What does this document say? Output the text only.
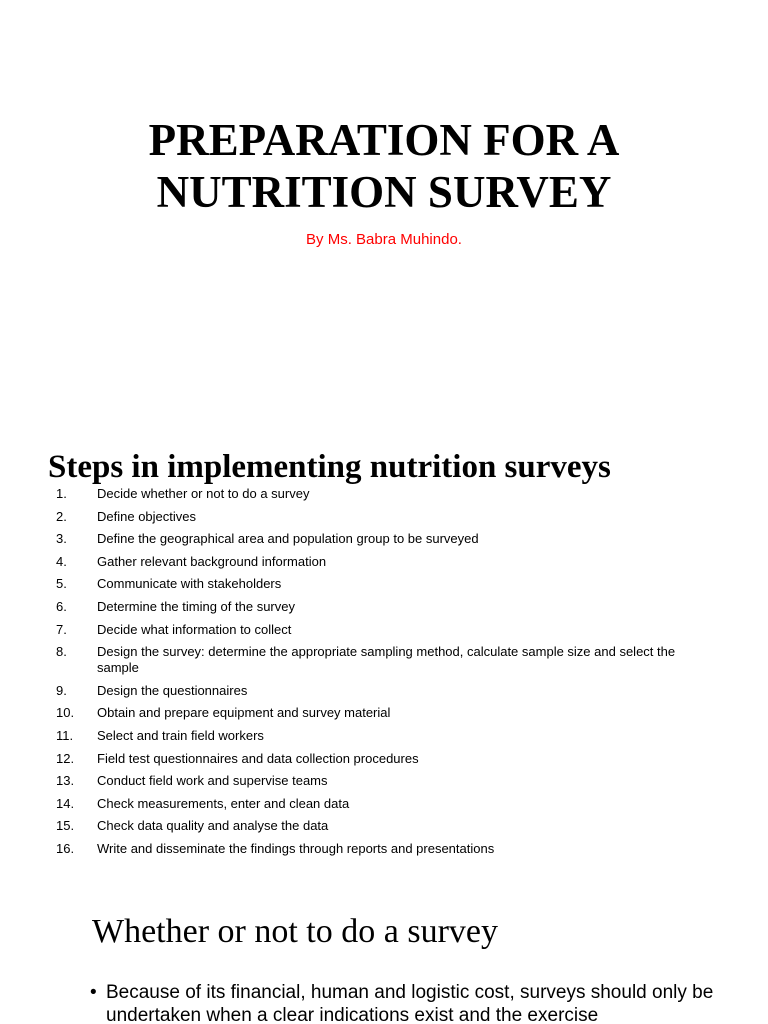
PREPARATION FOR A
NUTRITION SURVEY

By Ms. Babra Muhindo.

Steps in implementing nutrition surveys
1.	Decide whether or not to do a survey
2.	Define objectives
3.	Define the geographical area and population group to be surveyed
4.	Gather relevant background information
5.	Communicate with stakeholders
6.	Determine the timing of the survey
7.	Decide what information to collect
8.	Design the survey: determine the appropriate sampling method, calculate sample size and select the sample
9.	Design the questionnaires
10.	Obtain and prepare equipment and survey material
11.	Select and train field workers
12.	Field test questionnaires and data collection procedures
13.	Conduct field work and supervise teams
14.	Check measurements, enter and clean data
15.	Check data quality and analyse the data
16.	Write and disseminate the findings through reports and presentations
Whether or not to do a survey
• Because of its financial, human and logistic cost, surveys should only be undertaken when a clear indications exist and the exercise
